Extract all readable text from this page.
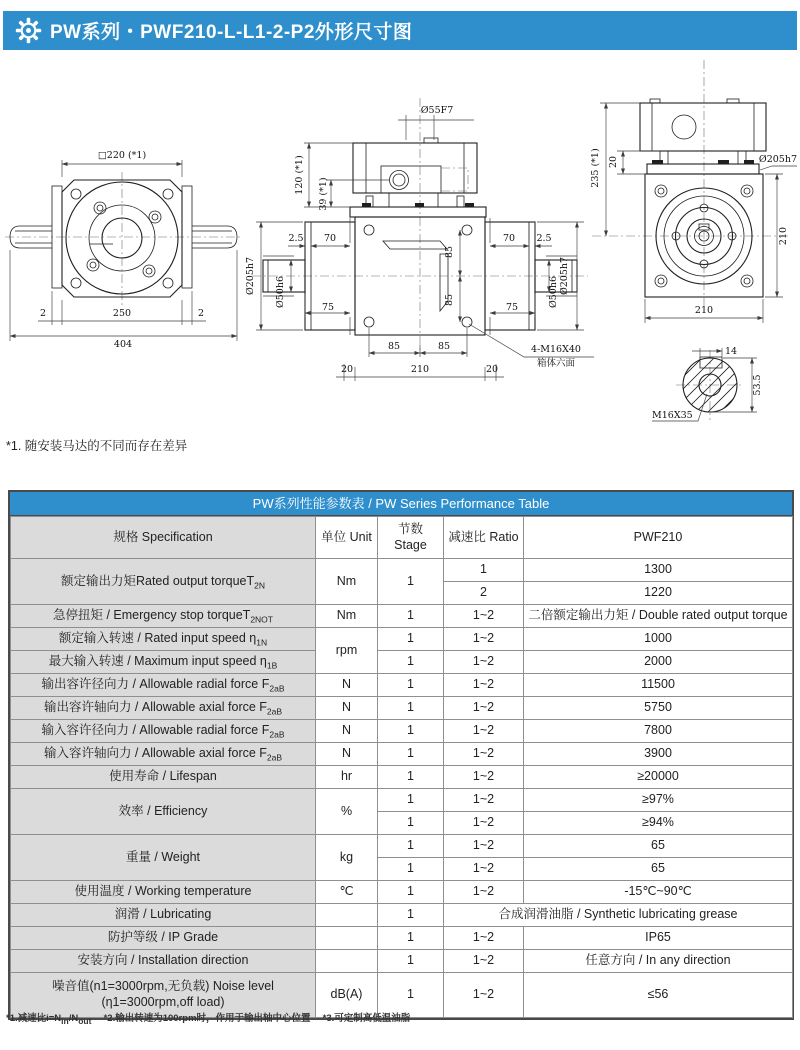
PW系列・PWF210-L-L1-2-P2外形尺寸图
□220 (*1)
2	250	2
404
Ø205h7
Ø55F7
120 (*1) 39 (*1)
2.5 70
75
Ø50h6
70 2.5
75	Ø50h6 Ø205h7
85
85
85	85
20	210	20
4-M16X40
箱体六面
235 (*1) 20	Ø205h7
210
210
14
53.5
M16X35
*1. 随安装马达的不同而存在差异
PW系列性能参数表 / PW Series Performance Table
规格 Specification	单位 Unit	节数 Stage	减速比 Ratio	PWF210
额定输出力矩Rated output torqueT$_{2N}$	Nm	1	1	1300
			2	1220
急停扭矩 / Emergency stop torqueT$_{2NOT}$	Nm	1	1~2	二倍额定输出力矩 / Double rated output torque
额定输入转速 / Rated input speed $\eta_{1N}$	rpm	1	1~2	1000
最大输入转速 / Maximum input speed $\eta_{1B}$		1	1~2	2000
输出容许径向力 / Allowable radial force $F_{2aB}$	N	1	1~2	11500
输出容许轴向力 / Allowable axial force $F_{2aB}$	N	1	1~2	5750
输入容许径向力 / Allowable radial force $F_{2aB}$	N	1	1~2	7800
输入容许轴向力 / Allowable axial force $F_{2aB}$	N	1	1~2	3900
使用寿命 / Lifespan	hr	1	1~2	≥20000
效率 / Efficiency	%	1	1~2	≥97%
		1	1~2	≥94%
重量 / Weight	kg	1	1~2	65
		1	1~2	65
使用温度 / Working temperature	℃	1	1~2	-15℃~90℃
润滑 / Lubricating		1	合成润滑油脂 / Synthetic lubricating grease	
防护等级 / IP Grade		1	1~2	IP65
安装方向 / Installation direction		1	1~2	任意方向 / In any direction
噪音值(n1=3000rpm,无负载) Noise level
(η1=3000rpm,off load)	dB(A)	1	1~2	≤56
*1.减速比$i=N_{in}/N_{out}$　 *2.输出转速为100rpm时，作用于输出轴中心位置　 *3.可定制高低温油脂
